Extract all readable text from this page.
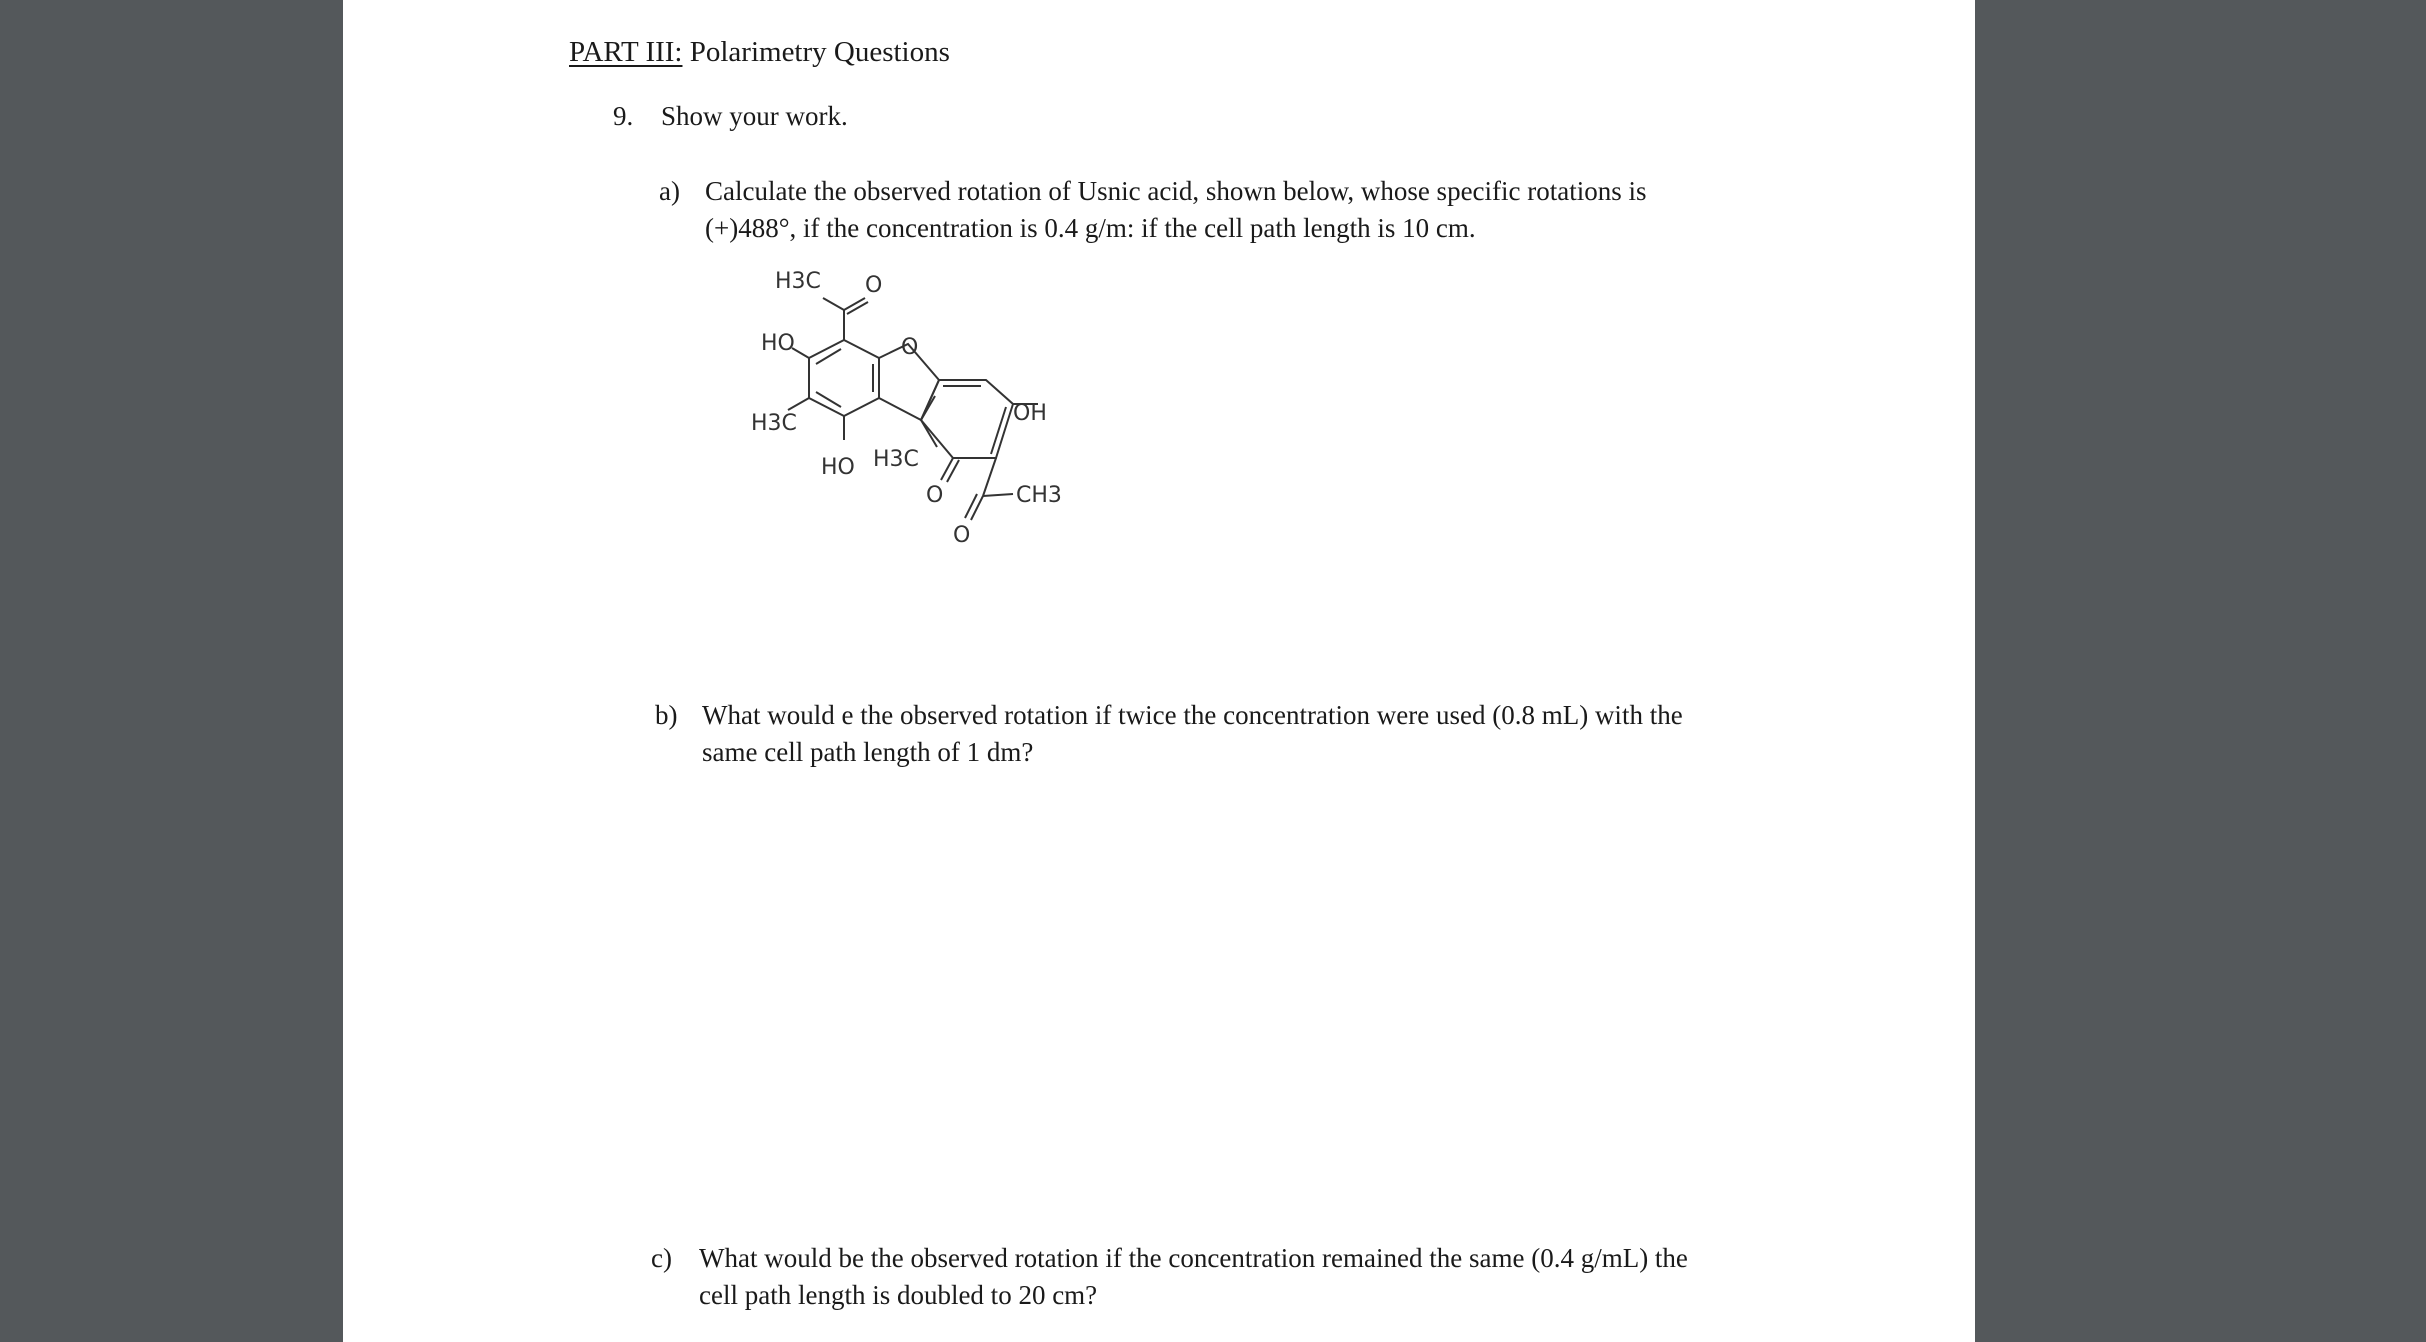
PART III: Polarimetry Questions
9. Show your work.
a) Calculate the observed rotation of Usnic acid, shown below, whose specific rotations is
(+)488°, if the concentration is 0.4 g/m: if the cell path length is 10 cm.
H3C O
HO
H3C
O
HO H3C
OH
O	CH3
O
b) What would e the observed rotation if twice the concentration were used (0.8 mL) with the
same cell path length of 1 dm?
c) What would be the observed rotation if the concentration remained the same (0.4 g/mL) the
cell path length is doubled to 20 cm?
